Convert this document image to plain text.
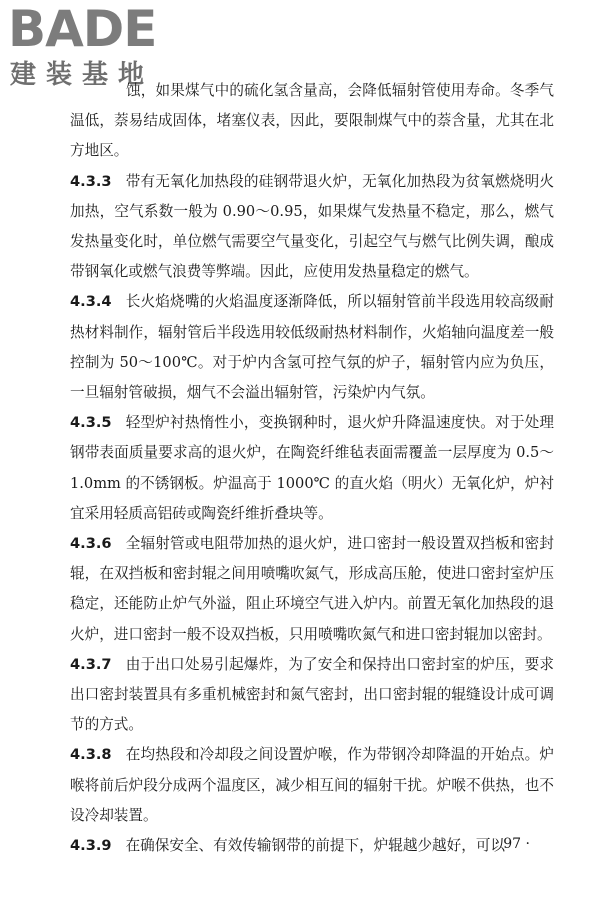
BADE
建装基地

蚀，如果煤气中的硫化氢含量高，会降低辐射管使用寿命。冬季气温低，萘易结成固体，堵塞仪表，因此，要限制煤气中的萘含量，尤其在北方地区。

4.3.3 带有无氧化加热段的硅钢带退火炉，无氧化加热段为贫氧燃烧明火加热，空气系数一般为 0.90～0.95，如果煤气发热量不稳定，那么，燃气发热量变化时，单位燃气需要空气量变化，引起空气与燃气比例失调，酿成带钢氧化或燃气浪费等弊端。因此，应使用发热量稳定的燃气。

4.3.4 长火焰烧嘴的火焰温度逐渐降低，所以辐射管前半段选用较高级耐热材料制作，辐射管后半段选用较低级耐热材料制作，火焰轴向温度差一般控制为 50～100℃。对于炉内含氢可控气氛的炉子，辐射管内应为负压，一旦辐射管破损，烟气不会溢出辐射管，污染炉内气氛。

4.3.5 轻型炉衬热惰性小，变换钢种时，退火炉升降温速度快。对于处理钢带表面质量要求高的退火炉，在陶瓷纤维毡表面需覆盖一层厚度为 0.5～1.0mm 的不锈钢板。炉温高于 1000℃ 的直火焰（明火）无氧化炉，炉衬宜采用轻质高铝砖或陶瓷纤维折叠块等。

4.3.6 全辐射管或电阻带加热的退火炉，进口密封一般设置双挡板和密封辊，在双挡板和密封辊之间用喷嘴吹氮气，形成高压舱，使进口密封室炉压稳定，还能防止炉气外溢，阻止环境空气进入炉内。前置无氧化加热段的退火炉，进口密封一般不设双挡板，只用喷嘴吹氮气和进口密封辊加以密封。

4.3.7 由于出口处易引起爆炸，为了安全和保持出口密封室的炉压，要求出口密封装置具有多重机械密封和氮气密封，出口密封辊的辊缝设计成可调节的方式。

4.3.8 在均热段和冷却段之间设置炉喉，作为带钢冷却降温的开始点。炉喉将前后炉段分成两个温度区，减少相互间的辐射干扰。炉喉不供热，也不设冷却装置。

4.3.9 在确保安全、有效传输钢带的前提下，炉辊越少越好，可以

· 97 ·
